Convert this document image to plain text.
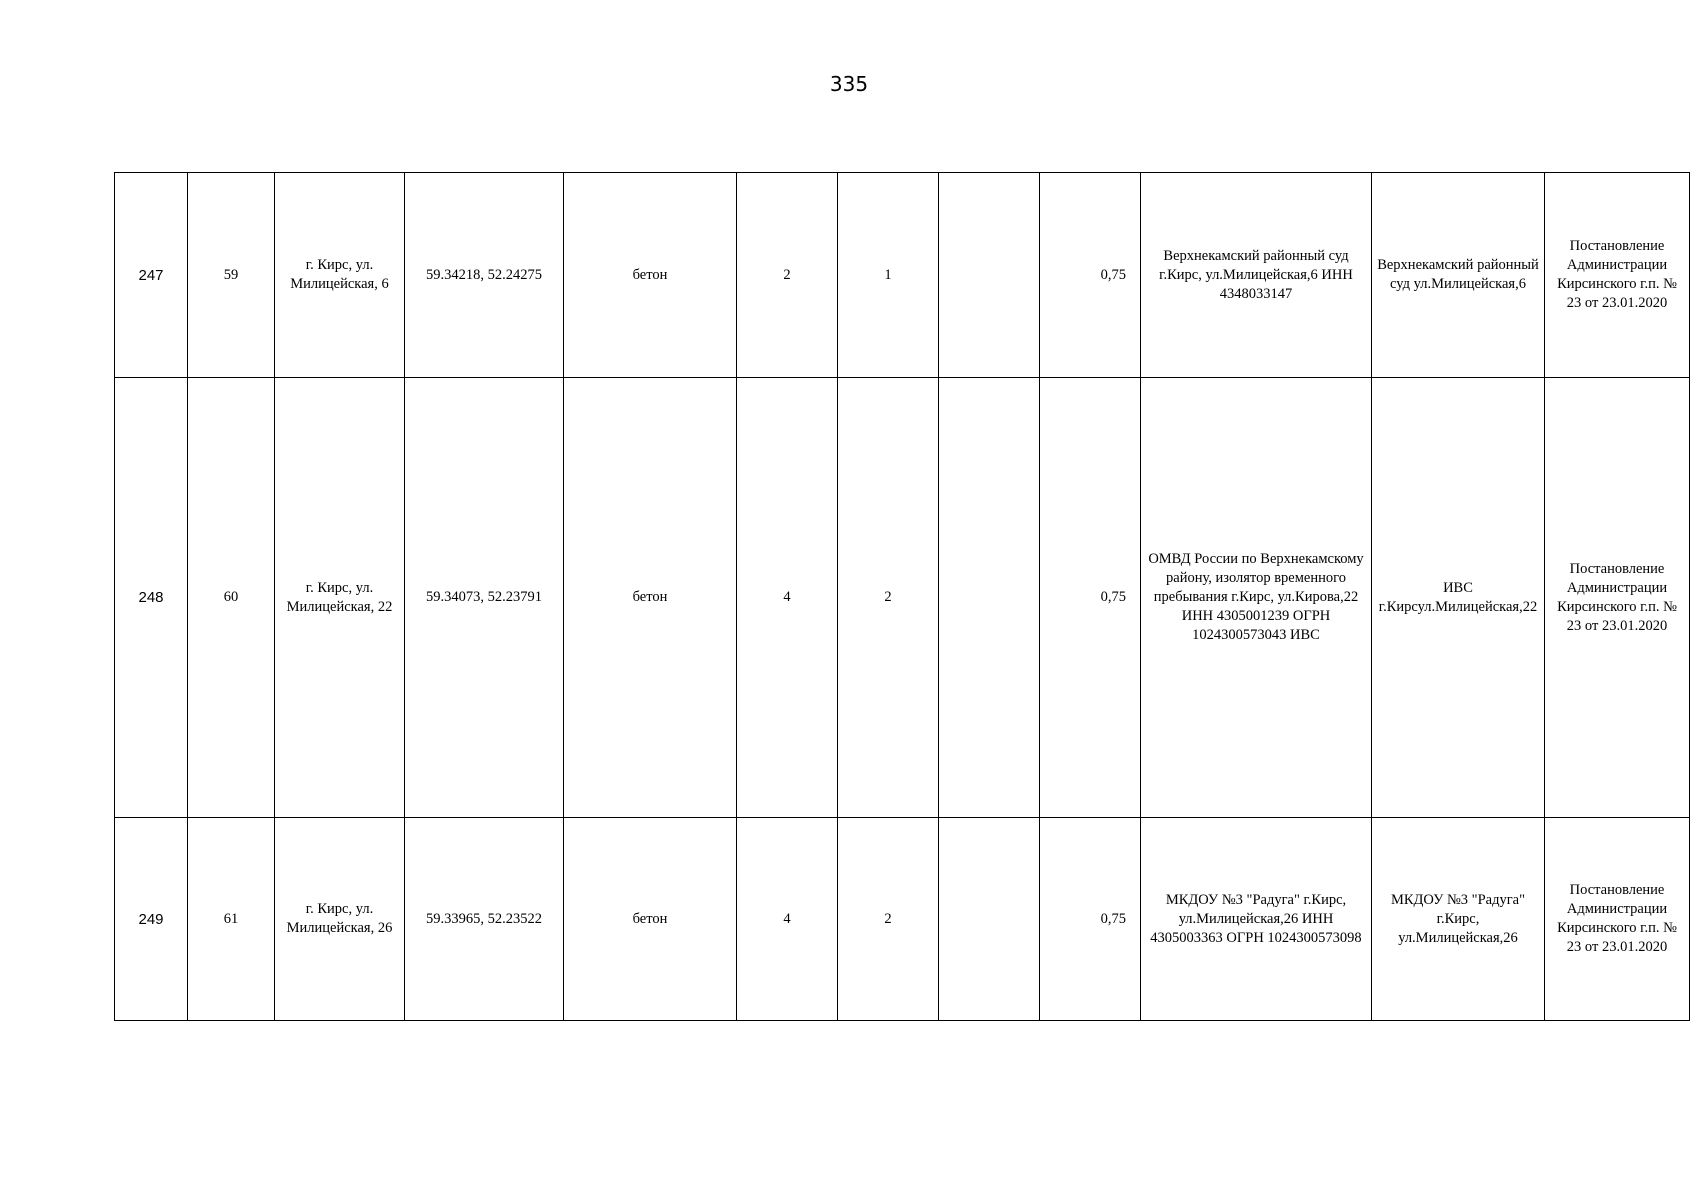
335
247	59	г. Кирс, ул. Милицейская, 6	59.34218, 52.24275	бетон	2	1		0,75	Верхнекамский районный суд г.Кирс, ул.Милицейская,6 ИНН 4348033147	Верхнекамский районный суд ул.Милицейская,6	Постановление Администрации Кирсинского г.п. № 23 от 23.01.2020
248	60	г. Кирс, ул. Милицейская, 22	59.34073, 52.23791	бетон	4	2		0,75	ОМВД России по Верхнекамскому району, изолятор временного пребывания г.Кирс, ул.Кирова,22 ИНН 4305001239 ОГРН 1024300573043 ИВС	ИВС г.Кирсул.Милицейская,22	Постановление Администрации Кирсинского г.п. № 23 от 23.01.2020
249	61	г. Кирс, ул. Милицейская, 26	59.33965, 52.23522	бетон	4	2		0,75	МКДОУ №3 "Радуга" г.Кирс, ул.Милицейская,26 ИНН 4305003363 ОГРН 1024300573098	МКДОУ №3 "Радуга" г.Кирс, ул.Милицейская,26	Постановление Администрации Кирсинского г.п. № 23 от 23.01.2020
